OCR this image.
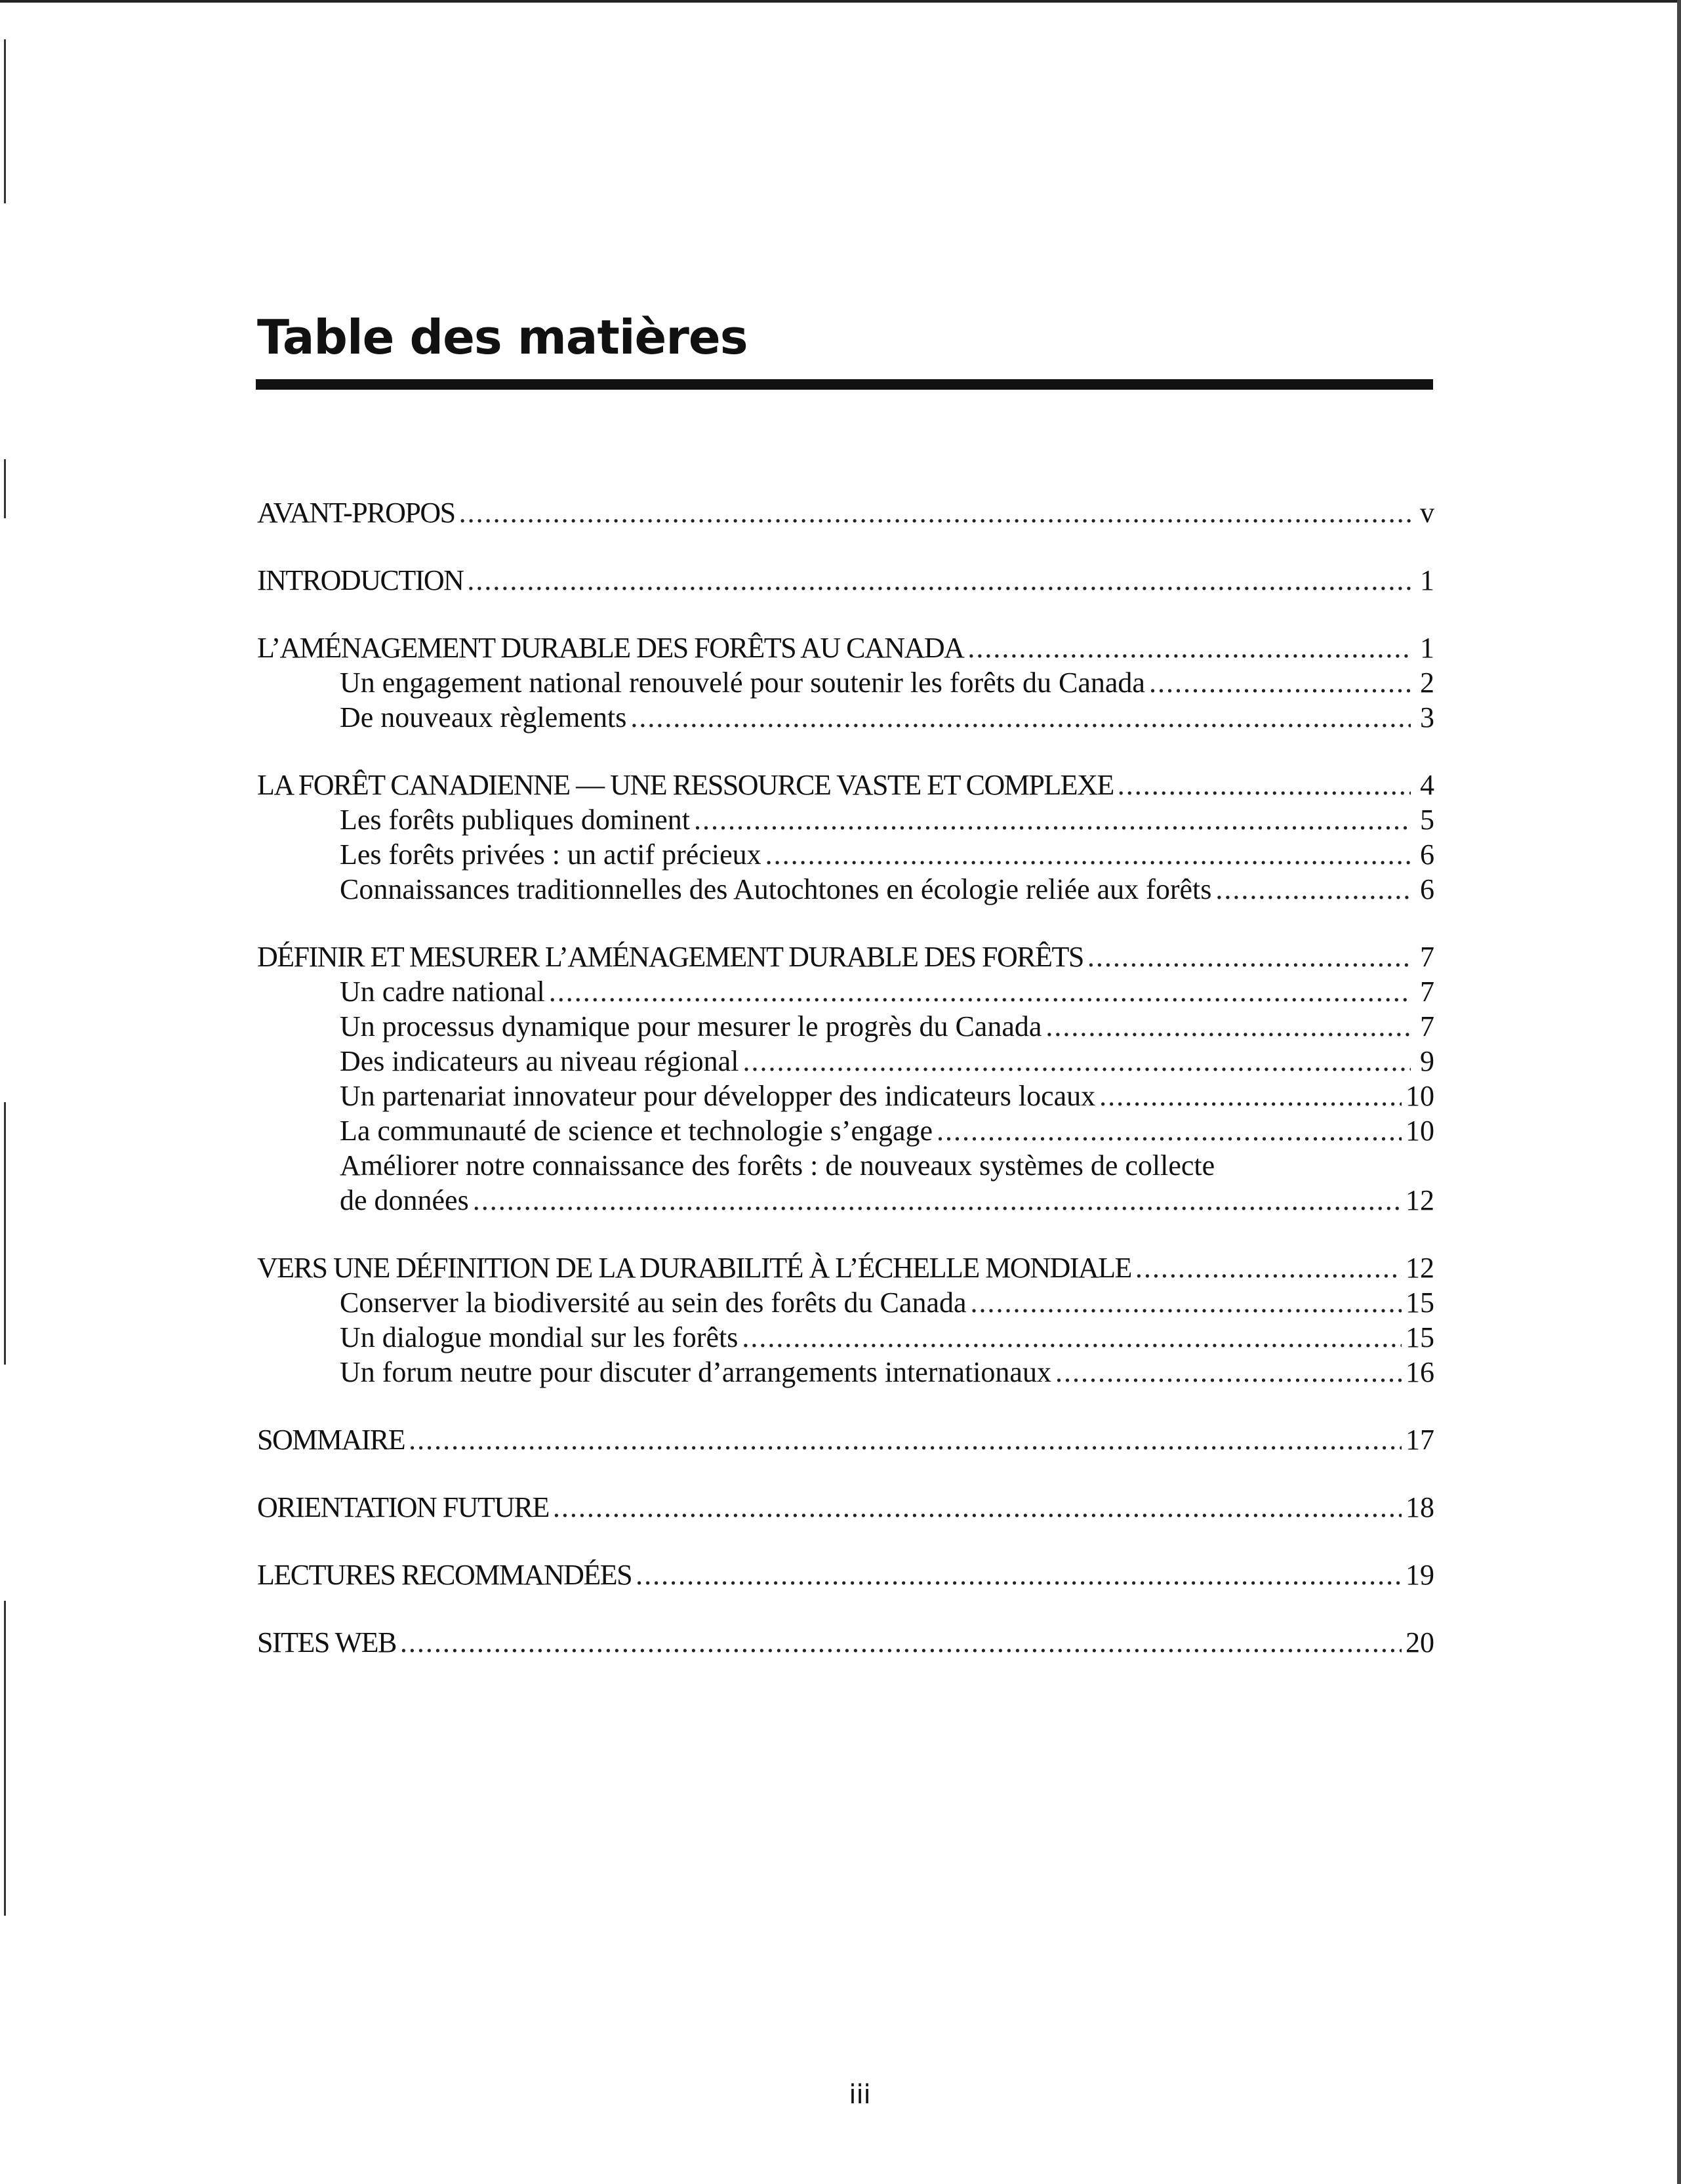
Table des matières
AVANT-PROPOS .....	v
INTRODUCTION .....	1
L’AMÉNAGEMENT DURABLE DES FORÊTS AU CANADA .....	1
Un engagement national renouvelé pour soutenir les forêts du Canada .....	2
De nouveaux règlements .....	3
LA FORÊT CANADIENNE — UNE RESSOURCE VASTE ET COMPLEXE .....	4
Les forêts publiques dominent .....	5
Les forêts privées : un actif précieux .....	6
Connaissances traditionnelles des Autochtones en écologie reliée aux forêts .....	6
DÉFINIR ET MESURER L’AMÉNAGEMENT DURABLE DES FORÊTS .....	7
Un cadre national .....	7
Un processus dynamique pour mesurer le progrès du Canada .....	7
Des indicateurs au niveau régional .....	9
Un partenariat innovateur pour développer des indicateurs locaux .....	10
La communauté de science et technologie s’engage .....	10
Améliorer notre connaissance des forêts : de nouveaux systèmes de collecte
de données .....	12
VERS UNE DÉFINITION DE LA DURABILITÉ À L’ÉCHELLE MONDIALE .....	12
Conserver la biodiversité au sein des forêts du Canada .....	15
Un dialogue mondial sur les forêts .....	15
Un forum neutre pour discuter d’arrangements internationaux .....	16
SOMMAIRE .....	17
ORIENTATION FUTURE .....	18
LECTURES RECOMMANDÉES .....	19
SITES WEB .....	20
iii
